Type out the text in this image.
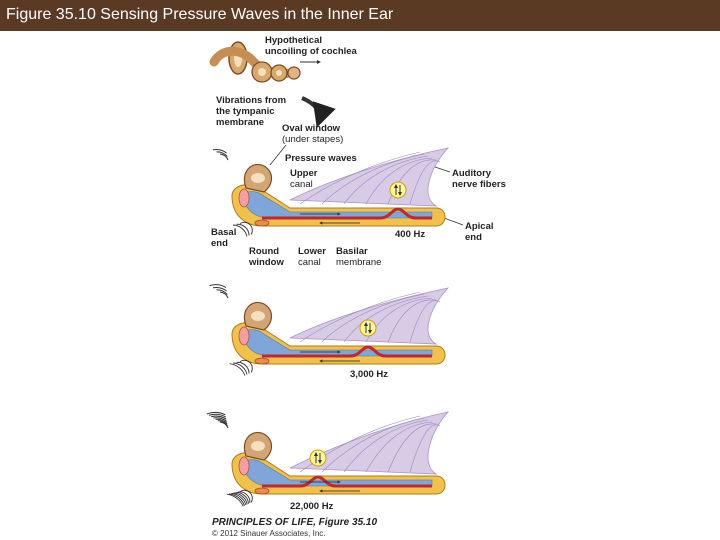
Figure 35.10 Sensing Pressure Waves in the Inner Ear
Hypothetical
uncoiling of cochlea
Vibrations from
the tympanic
membrane
Oval window
(under stapes)
Pressure waves
Upper
canal
Auditory
nerve fibers
Basal
end
Apical
end
Round
window
Lower
canal
Basilar
membrane
400 Hz
3,000 Hz
22,000 Hz
PRINCIPLES OF LIFE, Figure 35.10
© 2012 Sinauer Associates, Inc.
